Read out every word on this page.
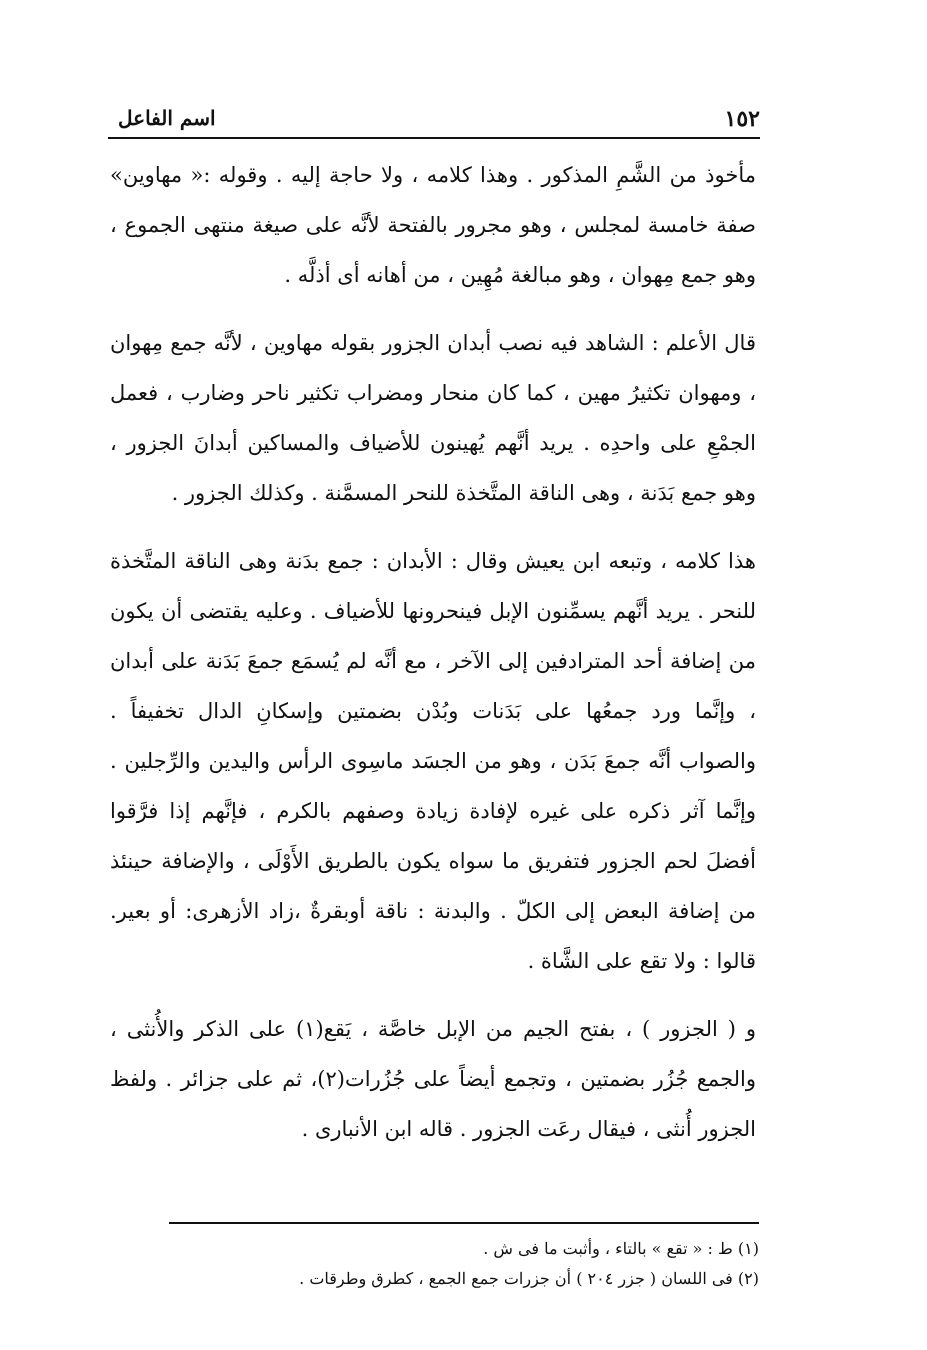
١٥٢
اسم الفاعل

مأخوذ من الشَّمِ المذكور . وهذا كلامه ، ولا حاجة إليه . وقوله :« مهاوين» صفة خامسة لمجلس ، وهو مجرور بالفتحة لأنَّه على صيغة منتهى الجموع ، وهو جمع مِهوان ، وهو مبالغة مُهِين ، من أهانه أى أذلَّه .

قال الأعلم : الشاهد فيه نصب أبدان الجزور بقوله مهاوين ، لأنَّه جمع مِهوان ، ومهوان تكثيرُ مهين ، كما كان منحار ومضراب تكثير ناحر وضارب ، فعمل الجمْعِ على واحدِه . يريد أنَّهم يُهينون للأضياف والمساكين أبدانَ الجزور ، وهو جمع بَدَنة ، وهى الناقة المتَّخذة للنحر المسمَّنة . وكذلك الجزور .

هذا كلامه ، وتبعه ابن يعيش وقال : الأبدان : جمع بدَنة وهى الناقة المتَّخذة للنحر . يريد أنَّهم يسمِّنون الإبل فينحرونها للأضياف . وعليه يقتضى أن يكون من إضافة أحد المترادفين إلى الآخر ، مع أنَّه لم يُسمَع جمعَ بَدَنة على أبدان ، وإنَّما ورد جمعُها على بَدَنات وبُدْن بضمتين وإسكانِ الدال تخفيفاً . والصواب أنَّه جمعَ بَدَن ، وهو من الجسَد ماسِوى الرأس واليدين والرِّجلين . وإنَّما آثر ذكره على غيره لإفادة زيادة وصفهم بالكرم ، فإنَّهم إذا فرَّقوا أفضلَ لحم الجزور فتفريق ما سواه يكون بالطريق الأَوْلَى ، والإضافة حينئذ من إضافة البعض إلى الكلّ . والبدنة : ناقة أوبقرةٌ ،زاد الأزهرى: أو بعير. قالوا : ولا تقع على الشَّاة .

و ( الجزور ) ، بفتح الجيم من الإبل خاصَّة ، يَقع(١) على الذكر والأُنثى ، والجمع جُزُر بضمتين ، وتجمع أيضاً على جُزُرات(٢)، ثم على جزائر . ولفظ الجزور أُنثى ، فيقال رعَت الجزور . قاله ابن الأنبارى .

(١) ط : « تقع » بالتاء ، وأثبت ما فى ش .
(٢) فى اللسان ( جزر ٢٠٤ ) أن جزرات جمع الجمع ، كطرق وطرقات .
